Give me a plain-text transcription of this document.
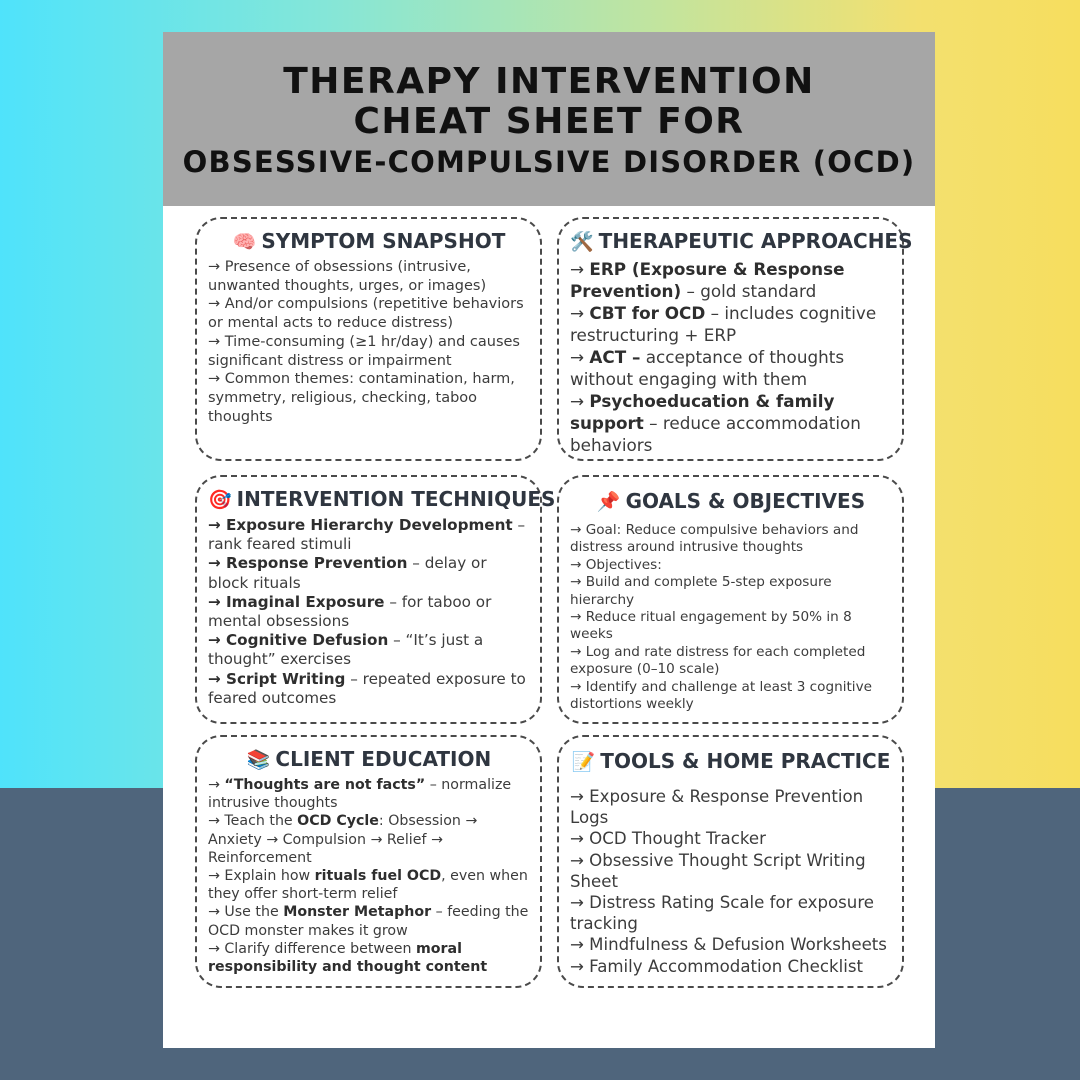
THERAPY INTERVENTION
CHEAT SHEET FOR
OBSESSIVE-COMPULSIVE DISORDER (OCD)
🧠 SYMPTOM SNAPSHOT
→ Presence of obsessions (intrusive, unwanted thoughts, urges, or images)
→ And/or compulsions (repetitive behaviors or mental acts to reduce distress)
→ Time-consuming (≥1 hr/day) and causes significant distress or impairment
→ Common themes: contamination, harm, symmetry, religious, checking, taboo thoughts
🛠️ THERAPEUTIC APPROACHES
→ ERP (Exposure & Response Prevention) – gold standard
→ CBT for OCD – includes cognitive restructuring + ERP
→ ACT – acceptance of thoughts without engaging with them
→ Psychoeducation & family support – reduce accommodation behaviors
🎯 INTERVENTION TECHNIQUES
→ Exposure Hierarchy Development – rank feared stimuli
→ Response Prevention – delay or block rituals
→ Imaginal Exposure – for taboo or mental obsessions
→ Cognitive Defusion – “It’s just a thought” exercises
→ Script Writing – repeated exposure to feared outcomes
📌 GOALS & OBJECTIVES
→ Goal: Reduce compulsive behaviors and distress around intrusive thoughts
→ Objectives:
→ Build and complete 5-step exposure hierarchy
→ Reduce ritual engagement by 50% in 8 weeks
→ Log and rate distress for each completed exposure (0–10 scale)
→ Identify and challenge at least 3 cognitive distortions weekly
📚 CLIENT EDUCATION
→ “Thoughts are not facts” – normalize intrusive thoughts
→ Teach the OCD Cycle: Obsession → Anxiety → Compulsion → Relief → Reinforcement
→ Explain how rituals fuel OCD, even when they offer short-term relief
→ Use the Monster Metaphor – feeding the OCD monster makes it grow
→ Clarify difference between moral responsibility and thought content
📝 TOOLS & HOME PRACTICE
→ Exposure & Response Prevention Logs
→ OCD Thought Tracker
→ Obsessive Thought Script Writing Sheet
→ Distress Rating Scale for exposure tracking
→ Mindfulness & Defusion Worksheets
→ Family Accommodation Checklist
